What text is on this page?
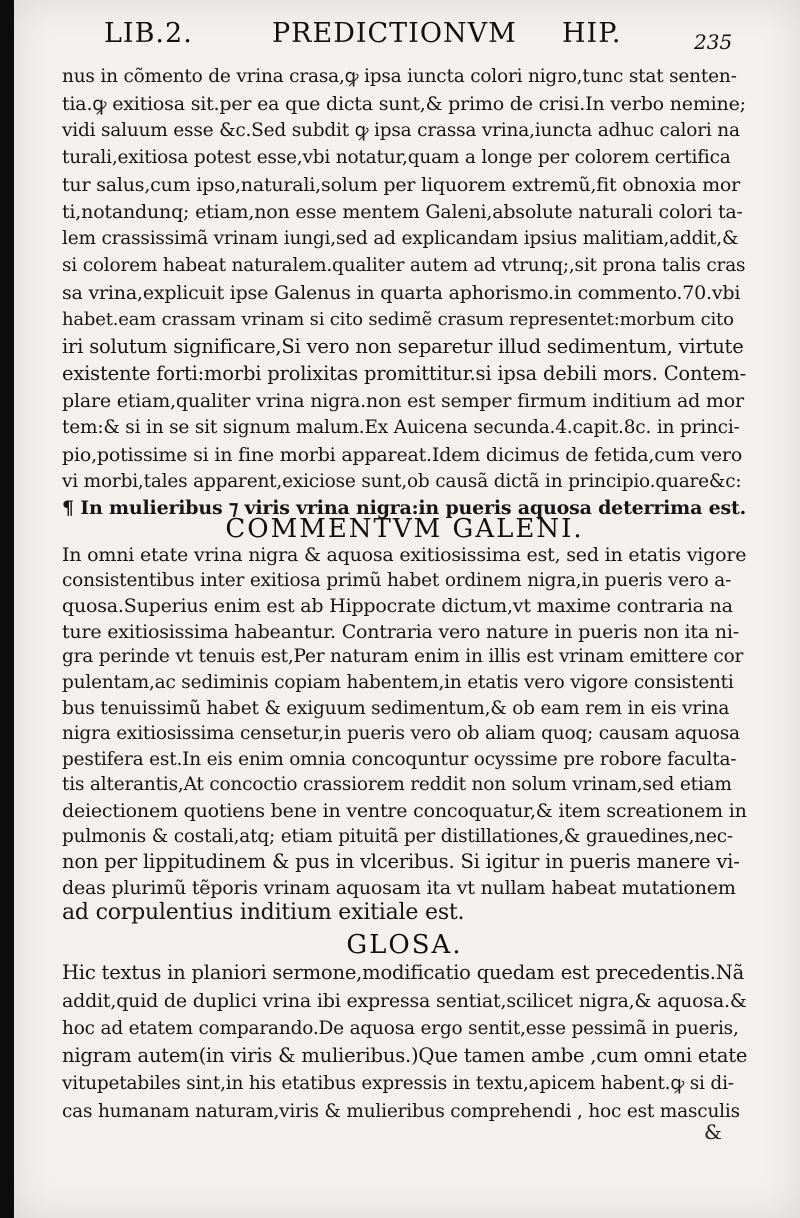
LIB.2.	PREDICTIONVM HIP.	235
nus in cõmento de vrina crasa,ꝙ ipsa iuncta colori nigro,tunc stat senten-
tia.ꝙ exitiosa sit.per ea que dicta sunt,& primo de crisi.In verbo nemine;
vidi saluum esse &c.Sed subdit ꝙ ipsa crassa vrina,iuncta adhuc calori na
turali,exitiosa potest esse,vbi notatur,quam a longe per colorem certifica
tur salus,cum ipso,naturali,solum per liquorem extremũ,fit obnoxia mor
ti,notandunq; etiam,non esse mentem Galeni,absolute naturali colori ta-
lem crassissimã vrinam iungi,sed ad explicandam ipsius malitiam,addit,&
si colorem habeat naturalem.qualiter autem ad vtrunq;,sit prona talis cras
sa vrina,explicuit ipse Galenus in quarta aphorismo.in commento.70.vbi
habet.eam crassam vrinam si cito sedimẽ crasum representet:morbum cito
iri solutum significare,Si vero non separetur illud sedimentum, virtute
existente forti:morbi prolixitas promittitur.si ipsa debili mors. Contem-
plare etiam,qualiter vrina nigra.non est semper firmum inditium ad mor
tem:& si in se sit signum malum.Ex Auicena secunda.4.capit.8c. in princi-
pio,potissime si in fine morbi appareat.Idem dicimus de fetida,cum vero
vi morbi,tales apparent,exiciose sunt,ob causã dictã in principio.quare&c:
¶ In mulieribus ⁊ viris vrina nigra:in pueris aquosa deterrima est.
COMMENTVM GALENI.
In omni etate vrina nigra & aquosa exitiosissima est, sed in etatis vigore
consistentibus inter exitiosa primũ habet ordinem nigra,in pueris vero a-
quosa.Superius enim est ab Hippocrate dictum,vt maxime contraria na
ture exitiosissima habeantur. Contraria vero nature in pueris non ita ni-
gra perinde vt tenuis est,Per naturam enim in illis est vrinam emittere cor
pulentam,ac sediminis copiam habentem,in etatis vero vigore consistenti
bus tenuissimũ habet & exiguum sedimentum,& ob eam rem in eis vrina
nigra exitiosissima censetur,in pueris vero ob aliam quoq; causam aquosa
pestifera est.In eis enim omnia concoquntur ocyssime pre robore faculta-
tis alterantis,At concoctio crassiorem reddit non solum vrinam,sed etiam
deiectionem quotiens bene in ventre concoquatur,& item screationem in
pulmonis & costali,atq; etiam pituitã per distillationes,& grauedines,nec-
non per lippitudinem & pus in vlceribus. Si igitur in pueris manere vi-
deas plurimũ tẽporis vrinam aquosam ita vt nullam habeat mutationem
ad corpulentius inditium exitiale est.
GLOSA.
Hic textus in planiori sermone,modificatio quedam est precedentis.Nã
addit,quid de duplici vrina ibi expressa sentiat,scilicet nigra,& aquosa.&
hoc ad etatem comparando.De aquosa ergo sentit,esse pessimã in pueris,
nigram autem(in viris & mulieribus.)Que tamen ambe ,cum omni etate
vitupetabiles sint,in his etatibus expressis in textu,apicem habent.ꝙ si di-
cas humanam naturam,viris & mulieribus comprehendi , hoc est masculis
&
